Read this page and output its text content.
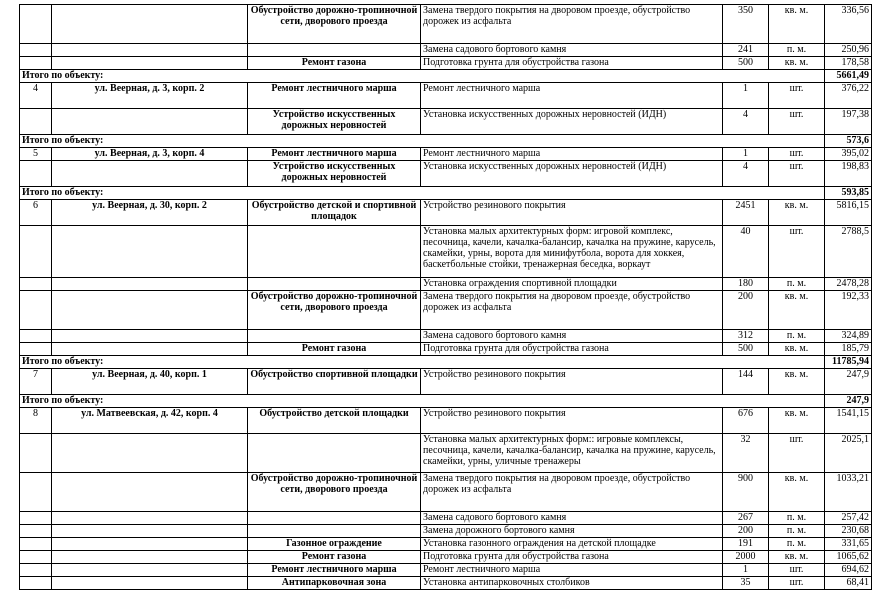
		Обустройство дорожно-тропиночной сети, дворового проезда	Замена твердого покрытия на дворовом проезде, обустройство дорожек из асфальта	350	кв. м.	336,56
			Замена садового бортового камня	241	п. м.	250,96
		Ремонт газона	Подготовка грунта для обустройства газона	500	кв. м.	178,58
Итого по объекту:						5661,49
4	ул. Веерная, д. 3, корп. 2	Ремонт лестничного марша	Ремонт лестничного марша	1	шт.	376,22
		Устройство искусственных дорожных неровностей	Установка искусственных дорожных неровностей (ИДН)	4	шт.	197,38
Итого по объекту:						573,6
5	ул. Веерная, д. 3, корп. 4	Ремонт лестничного марша	Ремонт лестничного марша	1	шт.	395,02
		Устройство искусственных дорожных неровностей	Установка искусственных дорожных неровностей (ИДН)	4	шт.	198,83
Итого по объекту:						593,85
6	ул. Веерная, д. 30, корп. 2	Обустройство детской и спортивной площадок	Устройство резинового покрытия	2451	кв. м.	5816,15
			Установка малых архитектурных форм: игровой комплекс, песочница, качели, качалка-балансир, качалка на пружине, карусель, скамейки, урны, ворота для минифутбола, ворота для хоккея, баскетбольные стойки, тренажерная беседка, воркаут	40	шт.	2788,5
			Установка ограждения спортивной площадки	180	п. м.	2478,28
		Обустройство дорожно-тропиночной сети, дворового проезда	Замена твердого покрытия на дворовом проезде, обустройство дорожек из асфальта	200	кв. м.	192,33
			Замена садового бортового камня	312	п. м.	324,89
		Ремонт газона	Подготовка грунта для обустройства газона	500	кв. м.	185,79
Итого по объекту:						11785,94
7	ул. Веерная, д. 40, корп. 1	Обустройство спортивной площадки	Устройство резинового покрытия	144	кв. м.	247,9
Итого по объекту:						247,9
8	ул. Матвеевская, д. 42, корп. 4	Обустройство детской площадки	Устройство резинового покрытия	676	кв. м.	1541,15
			Установка малых архитектурных форм:: игровые комплексы, песочница, качели, качалка-балансир, качалка на пружине, карусель, скамейки, урны, уличные тренажеры	32	шт.	2025,1
		Обустройство дорожно-тропиночной сети, дворового проезда	Замена твердого покрытия на дворовом проезде, обустройство дорожек из асфальта	900	кв. м.	1033,21
			Замена садового бортового камня	267	п. м.	257,42
			Замена дорожного бортового камня	200	п. м.	230,68
		Газонное ограждение	Установка газонного ограждения на детской площадке	191	п. м.	331,65
		Ремонт газона	Подготовка грунта для обустройства газона	2000	кв. м.	1065,62
		Ремонт лестничного марша	Ремонт лестничного марша	1	шт.	694,62
		Антипарковочная зона	Установка антипарковочных столбиков	35	шт.	68,41
